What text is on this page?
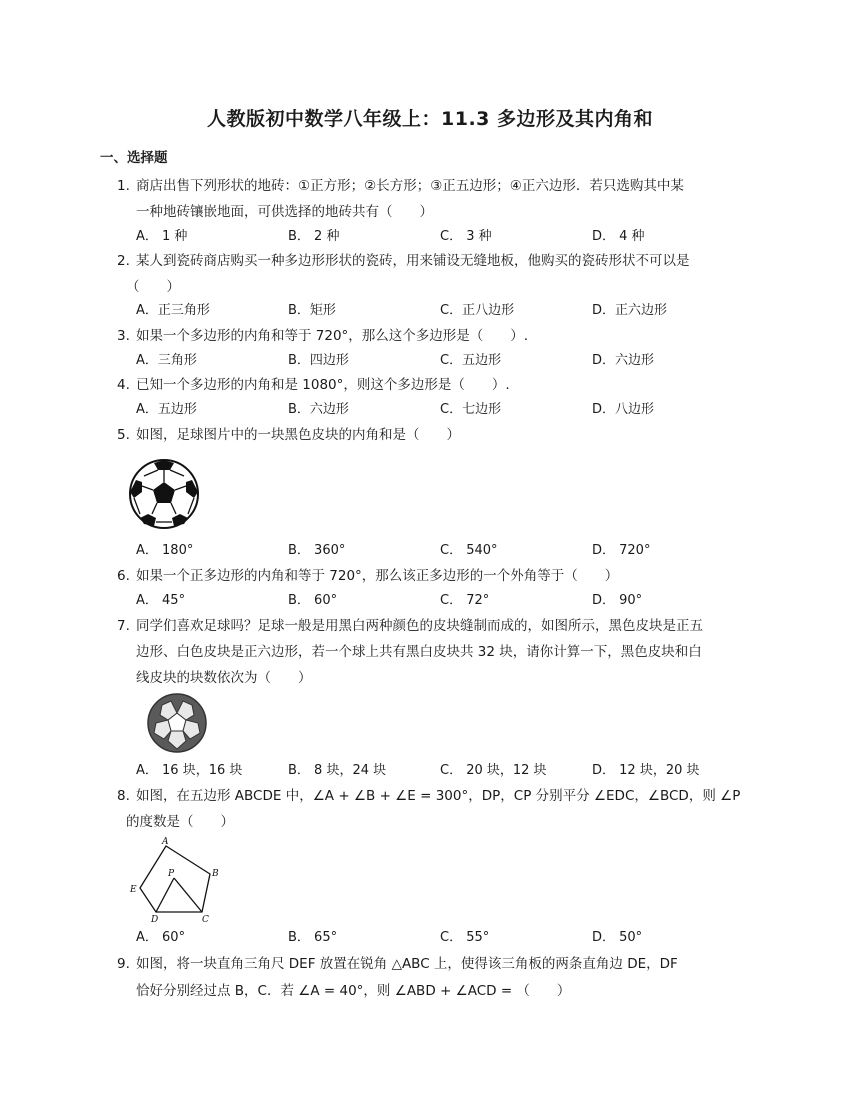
人教版初中数学八年级上：11.3 多边形及其内角和
一、选择题
1. 商店出售下列形状的地砖：①正方形；②长方形；③正五边形；④正六边形．若只选购其中某
一种地砖镶嵌地面，可供选择的地砖共有（　　）
A． 1 种	B． 2 种	C． 3 种	D． 4 种
2. 某人到瓷砖商店购买一种多边形形状的瓷砖，用来铺设无缝地板，他购买的瓷砖形状不可以是
（　　）
A．正三角形	B．矩形	C．正八边形	D．正六边形
3. 如果一个多边形的内角和等于 720°，那么这个多边形是（　　）.
A．三角形	B．四边形	C．五边形	D．六边形
4. 已知一个多边形的内角和是 1080°，则这个多边形是（　　）.
A．五边形	B．六边形	C．七边形	D．八边形
5. 如图，足球图片中的一块黑色皮块的内角和是（　　）
A． 180°	B． 360°	C． 540°	D． 720°
6. 如果一个正多边形的内角和等于 720°，那么该正多边形的一个外角等于（　　）
A． 45°	B． 60°	C． 72°	D． 90°
7. 同学们喜欢足球吗？足球一般是用黑白两种颜色的皮块缝制而成的，如图所示，黑色皮块是正五
边形、白色皮块是正六边形，若一个球上共有黑白皮块共 32 块，请你计算一下，黑色皮块和白
线皮块的块数依次为（　　）
A． 16 块，16 块	B． 8 块，24 块	C． 20 块，12 块	D． 12 块，20 块
8. 如图，在五边形 ABCDE 中，∠A + ∠B + ∠E = 300°，DP，CP 分别平分 ∠EDC，∠BCD，则 ∠P
的度数是（　　）
A
B
C
D
E
P
A． 60°	B． 65°	C． 55°	D． 50°
9. 如图，将一块直角三角尺 DEF 放置在锐角 △ABC 上，使得该三角板的两条直角边 DE，DF
恰好分别经过点 B，C．若 ∠A = 40°，则 ∠ABD + ∠ACD = （　　）
